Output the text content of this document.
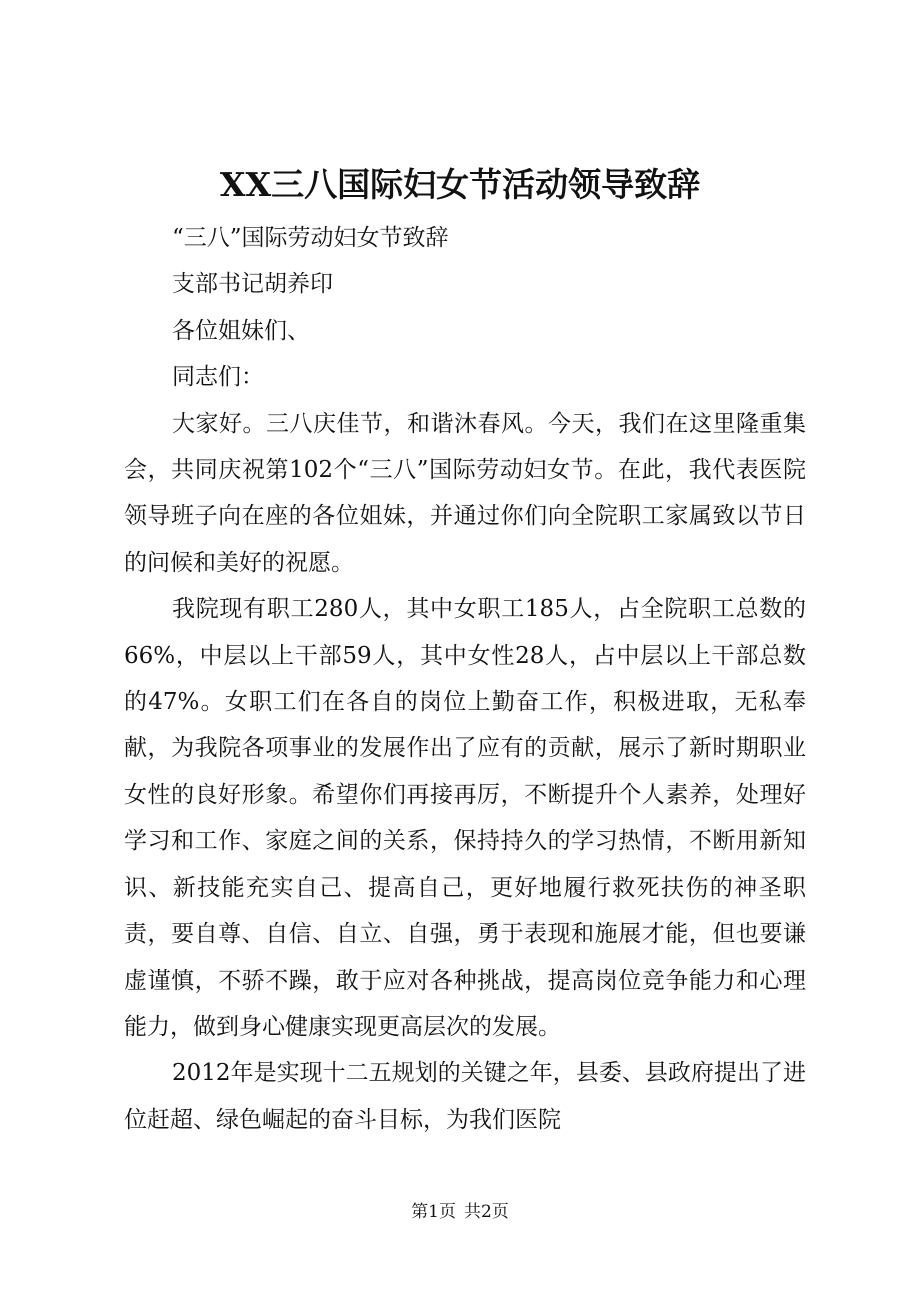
XX三八国际妇女节活动领导致辞

“三八”国际劳动妇女节致辞

支部书记胡养印

各位姐妹们、

同志们：

大家好。三八庆佳节，和谐沐春风。今天，我们在这里隆重集会，共同庆祝第102个“三八”国际劳动妇女节。在此，我代表医院领导班子向在座的各位姐妹，并通过你们向全院职工家属致以节日的问候和美好的祝愿。

我院现有职工280人，其中女职工185人，占全院职工总数的66%，中层以上干部59人，其中女性28人，占中层以上干部总数的47%。女职工们在各自的岗位上勤奋工作，积极进取，无私奉献，为我院各项事业的发展作出了应有的贡献，展示了新时期职业女性的良好形象。希望你们再接再厉，不断提升个人素养，处理好学习和工作、家庭之间的关系，保持持久的学习热情，不断用新知识、新技能充实自己、提高自己，更好地履行救死扶伤的神圣职责，要自尊、自信、自立、自强，勇于表现和施展才能，但也要谦虚谨慎，不骄不躁，敢于应对各种挑战，提高岗位竞争能力和心理能力，做到身心健康实现更高层次的发展。

2012年是实现十二五规划的关键之年，县委、县政府提出了进位赶超、绿色崛起的奋斗目标，为我们医院

第1页 共2页
